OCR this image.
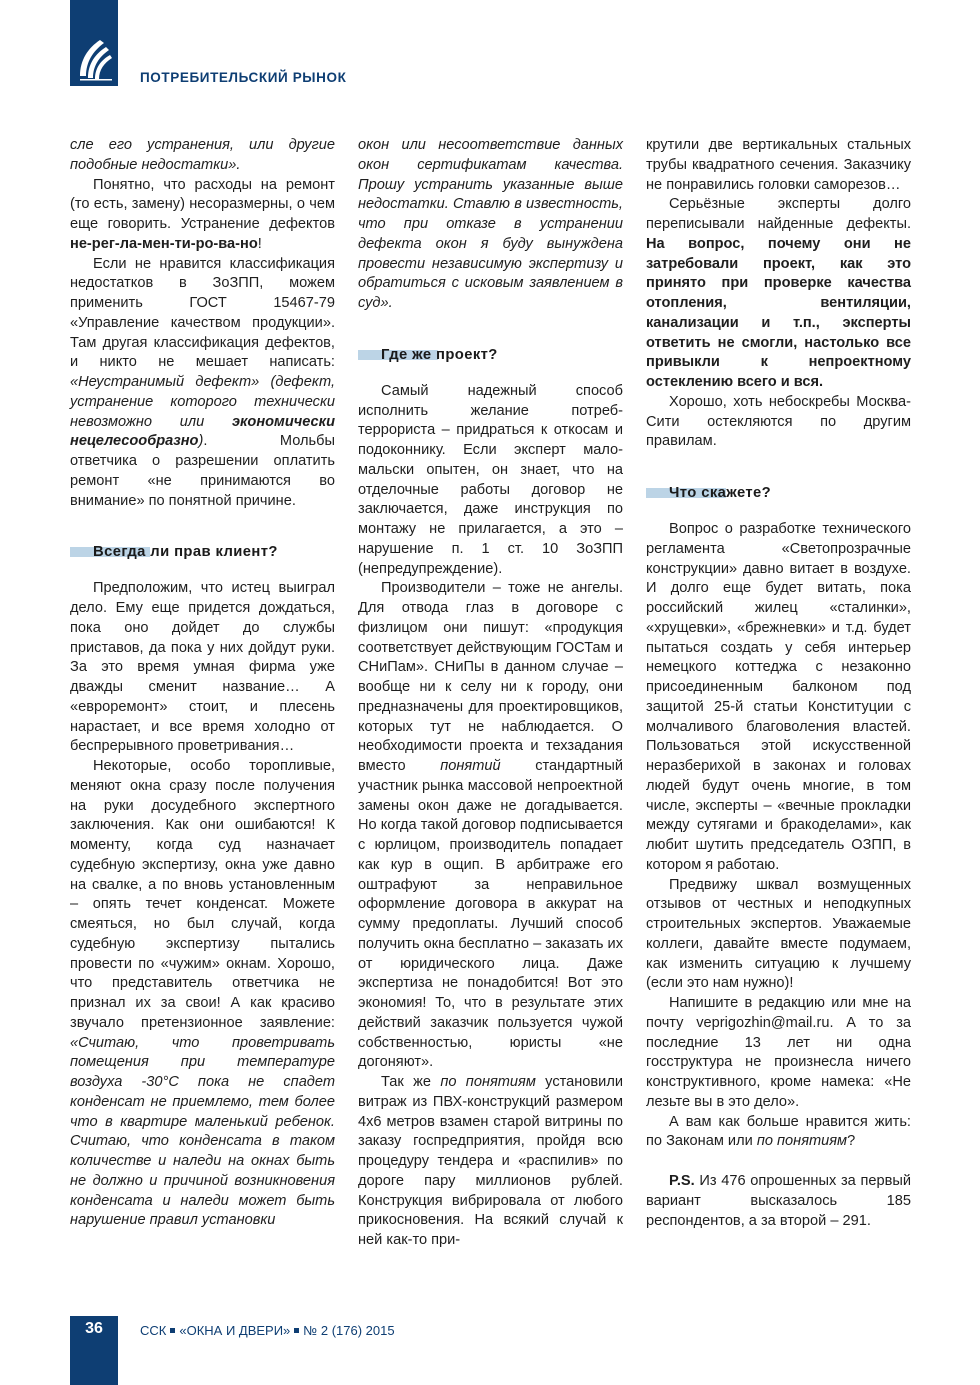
ПОТРЕБИТЕЛЬСКИЙ РЫНОК

сле его устранения, или другие подобные недостатки».

Понятно, что расходы на ремонт (то есть, замену) несоразмерны, о чем еще говорить. Устранение дефектов не-рег-ла-мен-ти-ро-ва-но!

Если не нравится классификация недостатков в ЗоЗПП, можем применить ГОСТ 15467-79 «Управление качеством продукции». Там другая классификация дефектов, и никто не мешает написать: «Неустранимый дефект» (дефект, устранение которого технически невозможно или экономически нецелесообразно). Мольбы ответчика о разрешении оплатить ремонт «не принимаются во внимание» по понятной причине.

Всегда ли прав клиент?

Предположим, что истец выиграл дело. Ему еще придется дождаться, пока оно дойдет до службы приставов, да пока у них дойдут руки. За это время умная фирма уже дважды сменит название… А «евроремонт» стоит, и плесень нарастает, и все время холодно от беспрерывного проветривания…

Некоторые, особо торопливые, меняют окна сразу после получения на руки досудебного экспертного заключения. Как они ошибаются! К моменту, когда суд назначает судебную экспертизу, окна уже давно на свалке, а по вновь установленным – опять течет конденсат. Можете смеяться, но был случай, когда судебную экспертизу пытались провести по «чужим» окнам. Хорошо, что представитель ответчика не признал их за свои! А как красиво звучало претензионное заявление: «Считаю, что проветривать помещения при температуре воздуха -30°С пока не спадет конденсат не приемлемо, тем более что в квартире маленький ребенок. Считаю, что конденсата в таком количестве и наледи на окнах быть не должно и причиной возникновения конденсата и наледи может быть нарушение правил установки

окон или несоответствие данных окон сертификатам качества. Прошу устранить указанные выше недостатки. Ставлю в известность, что при отказе в устранении дефекта окон я буду вынуждена провести независимую экспертизу и обратиться с исковым заявлением в суд».

Где же проект?

Самый надежный способ исполнить желание потреб-террориста – придраться к откосам и подоконнику. Если эксперт мало-мальски опытен, он знает, что на отделочные работы договор не заключается, даже инструкция по монтажу не прилагается, а это – нарушение п. 1 ст. 10 ЗоЗПП (непредупреждение).

Производители – тоже не ангелы. Для отвода глаз в договоре с физлицом они пишут: «продукция соответствует действующим ГОСТам и СНиПам». СНиПы в данном случае – вообще ни к селу ни к городу, они предназначены для проектировщиков, которых тут не наблюдается. О необходимости проекта и техзадания вместо понятий стандартный участник рынка массовой непроектной замены окон даже не догадывается. Но когда такой договор подписывается с юрлицом, производитель попадает как кур в ощип. В арбитраже его оштрафуют за неправильное оформление договора в аккурат на сумму предоплаты. Лучший способ получить окна бесплатно – заказать их от юридического лица. Даже экспертиза не понадобится! Вот это экономия! То, что в результате этих действий заказчик пользуется чужой собственностью, юристы «не догоняют».

Так же по понятиям установили витраж из ПВХ-конструкций размером 4х6 метров взамен старой витрины по заказу госпредприятия, пройдя всю процедуру тендера и «распилив» по дороге пару миллионов рублей. Конструкция вибрировала от любого прикосновения. На всякий случай к ней как-то при-

крутили две вертикальных стальных трубы квадратного сечения. Заказчику не понравились головки саморезов…

Серьёзные эксперты долго переписывали найденные дефекты. На вопрос, почему они не затребовали проект, как это принято при проверке качества отопления, вентиляции, канализации и т.п., эксперты ответить не смогли, настолько все привыкли к непроектному остеклению всего и вся.

Хорошо, хоть небоскребы Москва-Сити остекляются по другим правилам.

Что скажете?

Вопрос о разработке технического регламента «Светопрозрачные конструкции» давно витает в воздухе. И долго еще будет витать, пока российский жилец «сталинки», «хрущевки», «брежневки» и т.д. будет пытаться создать у себя интерьер немецкого коттеджа с незаконно присоединенным балконом под защитой 25-й статьи Конституции с молчаливого благоволения властей. Пользоваться этой искусственной неразберихой в законах и головах людей будут очень многие, в том числе, эксперты – «вечные прокладки между сутягами и бракоделами», как любит шутить председатель ОЗПП, в котором я работаю.

Предвижу шквал возмущенных отзывов от честных и неподкупных строительных экспертов. Уважаемые коллеги, давайте вместе подумаем, как изменить ситуацию к лучшему (если это нам нужно)!

Напишите в редакцию или мне на почту veprigozhin@mail.ru. А то за последние 13 лет ни одна госструктура не произнесла ничего конструктивного, кроме намека: «Не лезьте вы в это дело».

А вам как больше нравится жить: по Законам или по понятиям?

P.S. Из 476 опрошенных за первый вариант высказалось 185 респондентов, а за второй – 291.

36	ССК «ОКНА И ДВЕРИ» № 2 (176) 2015
